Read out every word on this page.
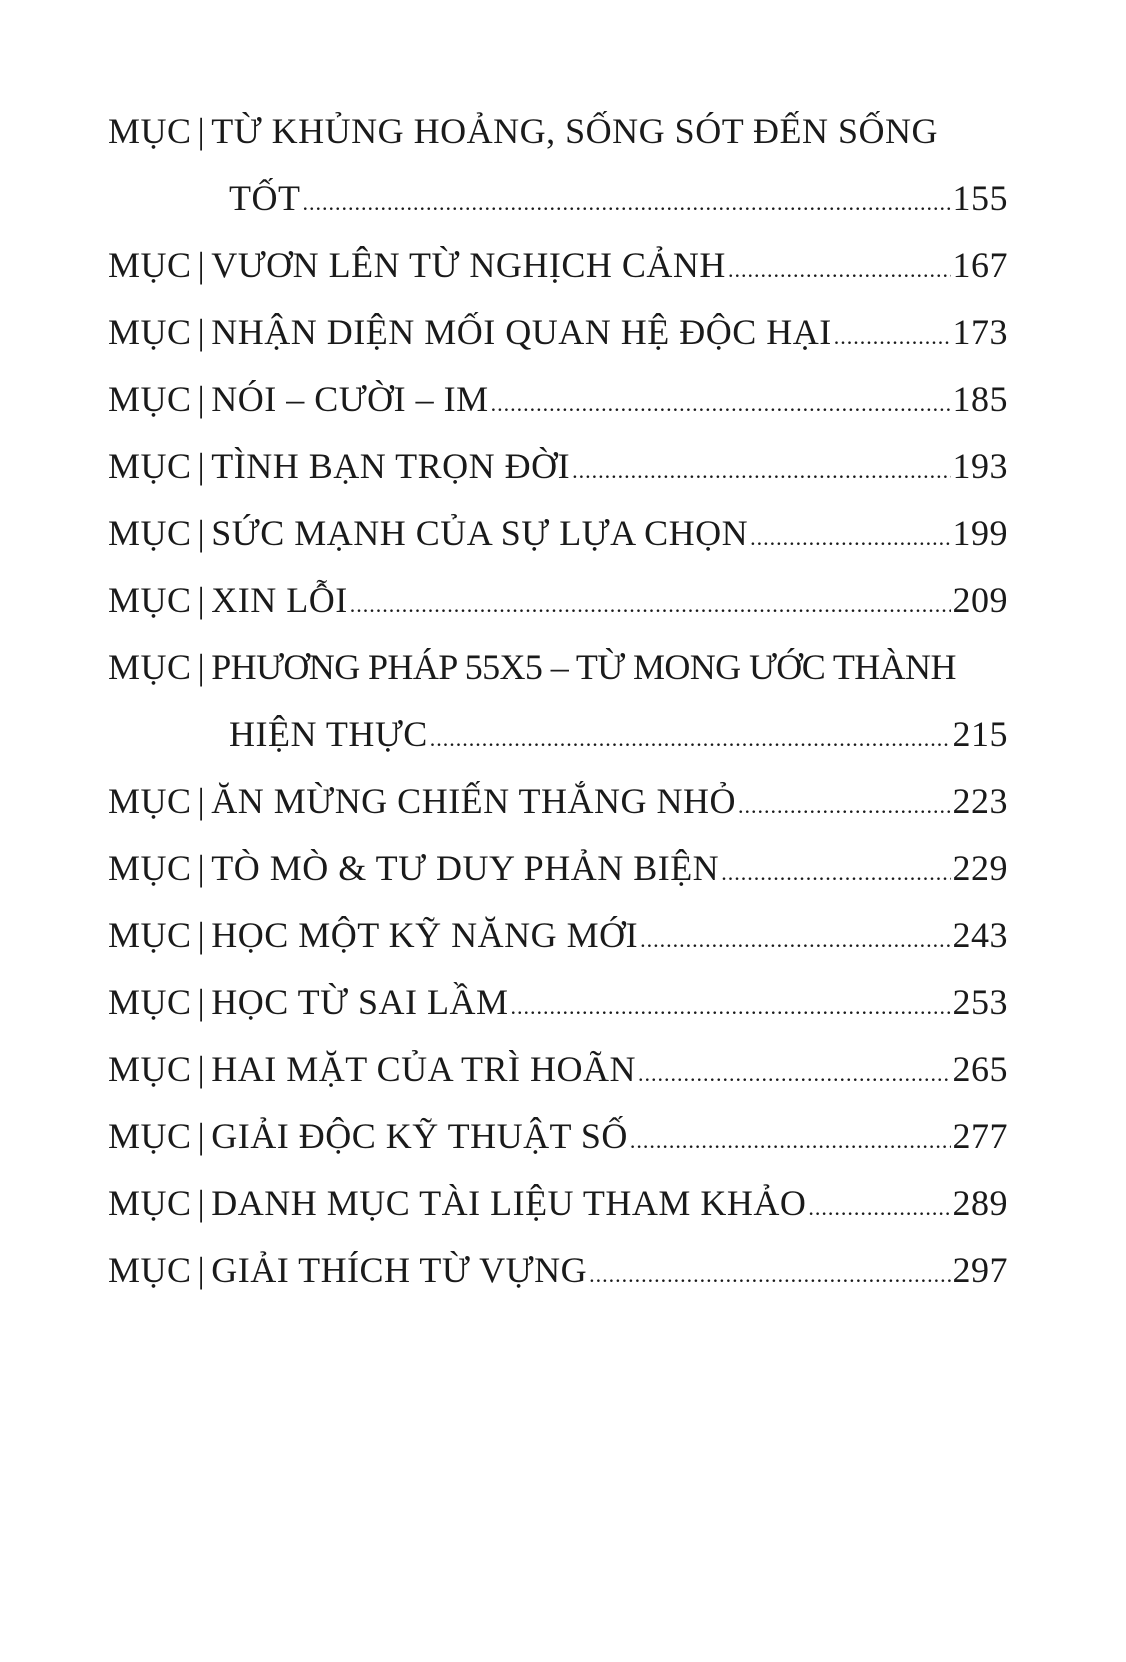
MỤC | TỪ KHỦNG HOẢNG, SỐNG SÓT ĐẾN SỐNG
TỐT .....	155
MỤC | VƯƠN LÊN TỪ NGHỊCH CẢNH .....	167
MỤC | NHẬN DIỆN MỐI QUAN HỆ ĐỘC HẠI .....	173
MỤC | NÓI – CƯỜI – IM .....	185
MỤC | TÌNH BẠN TRỌN ĐỜI .....	193
MỤC | SỨC MẠNH CỦA SỰ LỰA CHỌN .....	199
MỤC | XIN LỖI .....	209
MỤC | PHƯƠNG PHÁP 55X5 – TỪ MONG ƯỚC THÀNH
HIỆN THỰC .....	215
MỤC | ĂN MỪNG CHIẾN THẮNG NHỎ .....	223
MỤC | TÒ MÒ & TƯ DUY PHẢN BIỆN .....	229
MỤC | HỌC MỘT KỸ NĂNG MỚI .....	243
MỤC | HỌC TỪ SAI LẦM .....	253
MỤC | HAI MẶT CỦA TRÌ HOÃN .....	265
MỤC | GIẢI ĐỘC KỸ THUẬT SỐ .....	277
MỤC | DANH MỤC TÀI LIỆU THAM KHẢO .....	289
MỤC | GIẢI THÍCH TỪ VỰNG .....	297
